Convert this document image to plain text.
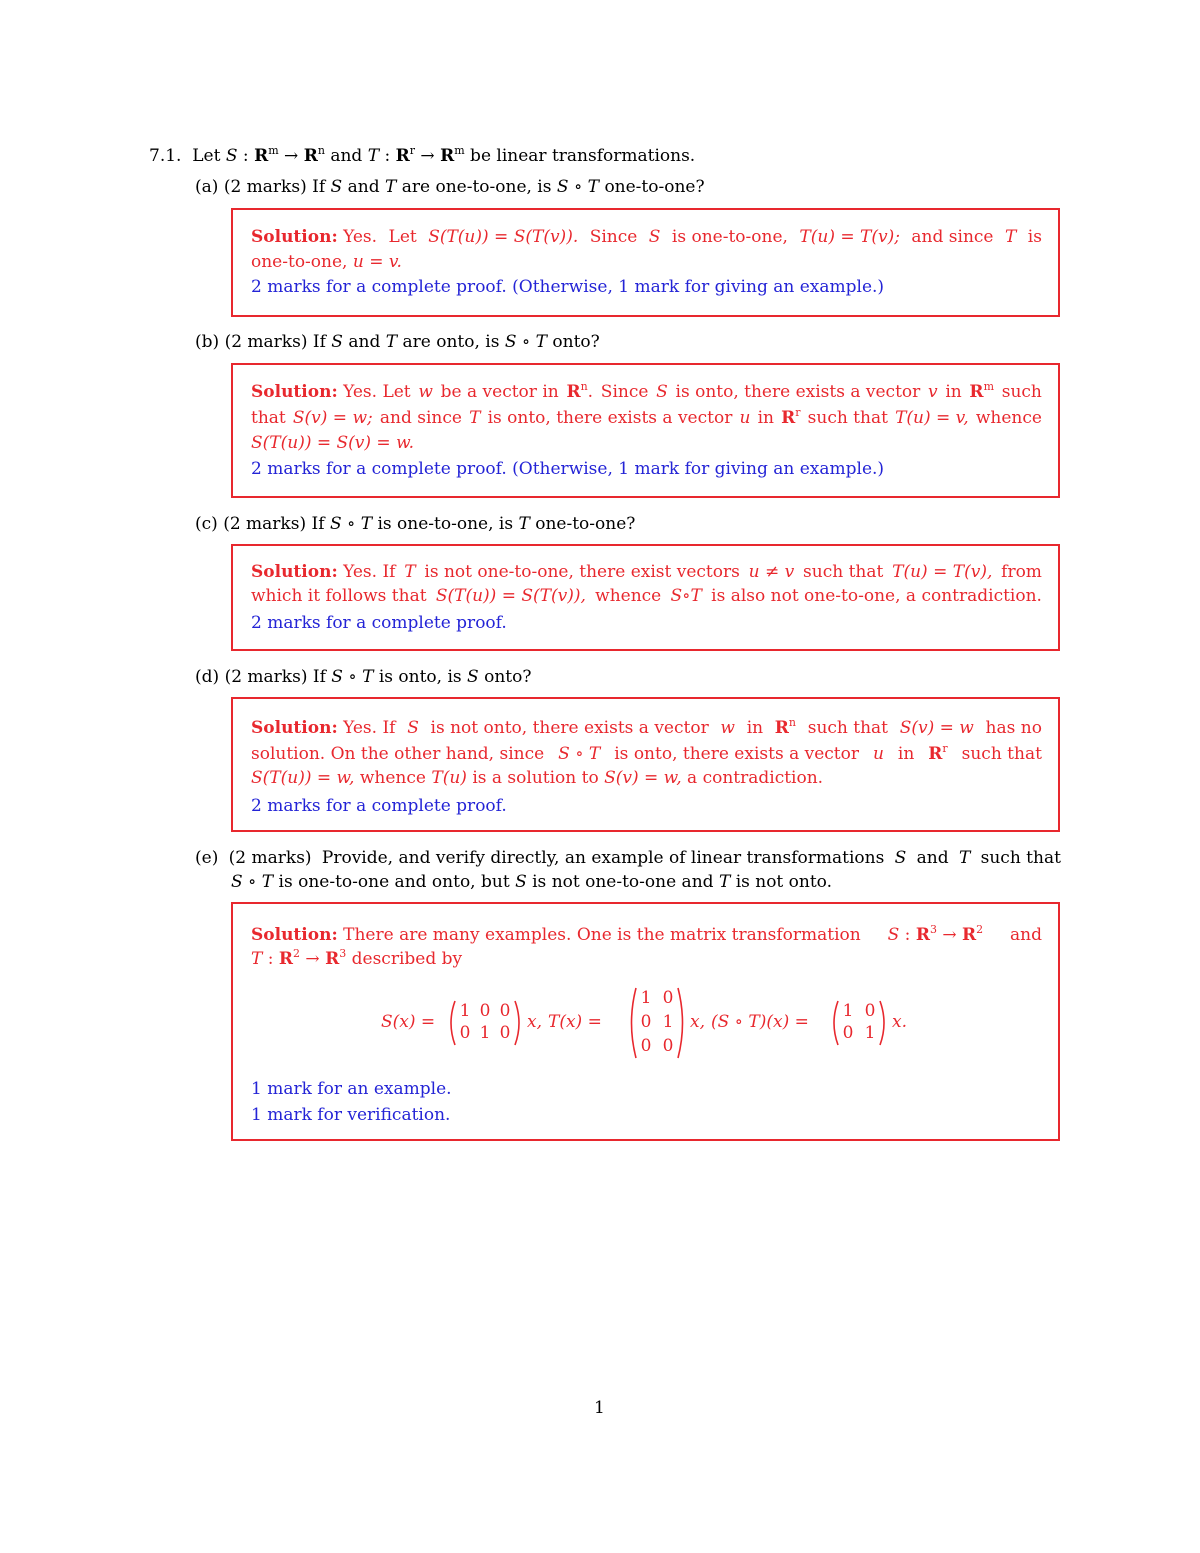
7.1. Let S : $R^m \to R^n$ and T : $R^r \to R^m$ be linear transformations.
(a) (2 marks) If S and T are one-to-one, is S ∘ T one-to-one?
Solution: Yes. Let S(T(u)) = S(T(v)). Since S is one-to-one, T(u) = T(v); and since T is
one-to-one, u = v.
2 marks for a complete proof. (Otherwise, 1 mark for giving an example.)
(b) (2 marks) If S and T are onto, is S ∘ T onto?
Solution: Yes. Let w be a vector in $R^n$. Since S is onto, there exists a vector v in $R^m$ such
that S(v) = w; and since T is onto, there exists a vector u in $R^r$ such that T(u) = v, whence
S(T(u)) = S(v) = w.
2 marks for a complete proof. (Otherwise, 1 mark for giving an example.)
(c) (2 marks) If S ∘ T is one-to-one, is T one-to-one?
Solution: Yes. If T is not one-to-one, there exist vectors u ≠ v such that T(u) = T(v), from
which it follows that S(T(u)) = S(T(v)), whence S∘T is also not one-to-one, a contradiction.
2 marks for a complete proof.
(d) (2 marks) If S ∘ T is onto, is S onto?
Solution: Yes. If S is not onto, there exists a vector w in $R^n$ such that S(v) = w has no
solution. On the other hand, since S ∘ T is onto, there exists a vector u in $R^r$ such that
S(T(u)) = w, whence T(u) is a solution to S(v) = w, a contradiction.
2 marks for a complete proof.
(e) (2 marks) Provide, and verify directly, an example of linear transformations S and T such that
S ∘ T is one-to-one and onto, but S is not one-to-one and T is not onto.
Solution: There are many examples. One is the matrix transformation S : $R^3 \to R^2$ and
T : $R^2 \to R^3$ described by
S(x) =
1 0 0
0 1 0
x, T(x) =
1 0
0 1
0 0
x, (S ∘ T)(x) =
1 0
0 1
x.
1 mark for an example.
1 mark for verification.
1
